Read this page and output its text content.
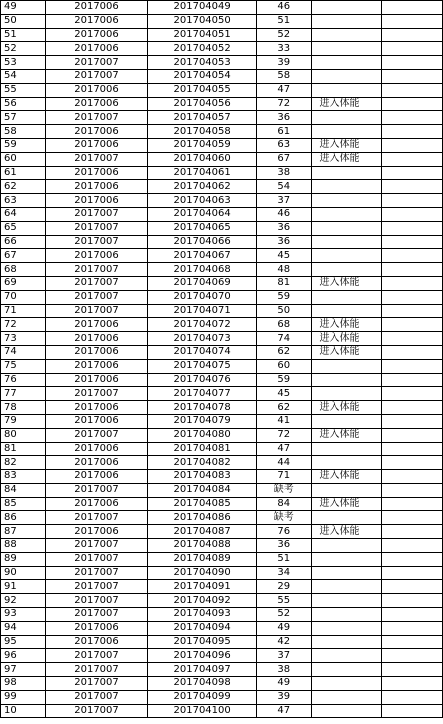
49	2017006	201704049	46		
50	2017006	201704050	51		
51	2017006	201704051	52		
52	2017006	201704052	33		
53	2017007	201704053	39		
54	2017007	201704054	58		
55	2017006	201704055	47		
56	2017006	201704056	72	进入体能	
57	2017007	201704057	36		
58	2017006	201704058	61		
59	2017006	201704059	63	进入体能	
60	2017007	201704060	67	进入体能	
61	2017006	201704061	38		
62	2017006	201704062	54		
63	2017006	201704063	37		
64	2017007	201704064	46		
65	2017007	201704065	36		
66	2017007	201704066	36		
67	2017006	201704067	45		
68	2017007	201704068	48		
69	2017007	201704069	81	进入体能	
70	2017007	201704070	59		
71	2017007	201704071	50		
72	2017006	201704072	68	进入体能	
73	2017006	201704073	74	进入体能	
74	2017006	201704074	62	进入体能	
75	2017006	201704075	60		
76	2017006	201704076	59		
77	2017007	201704077	45		
78	2017006	201704078	62	进入体能	
79	2017006	201704079	41		
80	2017007	201704080	72	进入体能	
81	2017006	201704081	47		
82	2017006	201704082	44		
83	2017006	201704083	71	进入体能	
84	2017007	201704084	缺考		
85	2017006	201704085	84	进入体能	
86	2017007	201704086	缺考		
87	2017006	201704087	76	进入体能	
88	2017007	201704088	36		
89	2017007	201704089	51		
90	2017007	201704090	34		
91	2017007	201704091	29		
92	2017007	201704092	55		
93	2017007	201704093	52		
94	2017006	201704094	49		
95	2017006	201704095	42		
96	2017007	201704096	37		
97	2017007	201704097	38		
98	2017007	201704098	49		
99	2017007	201704099	39		
10	2017007	201704100	47		
